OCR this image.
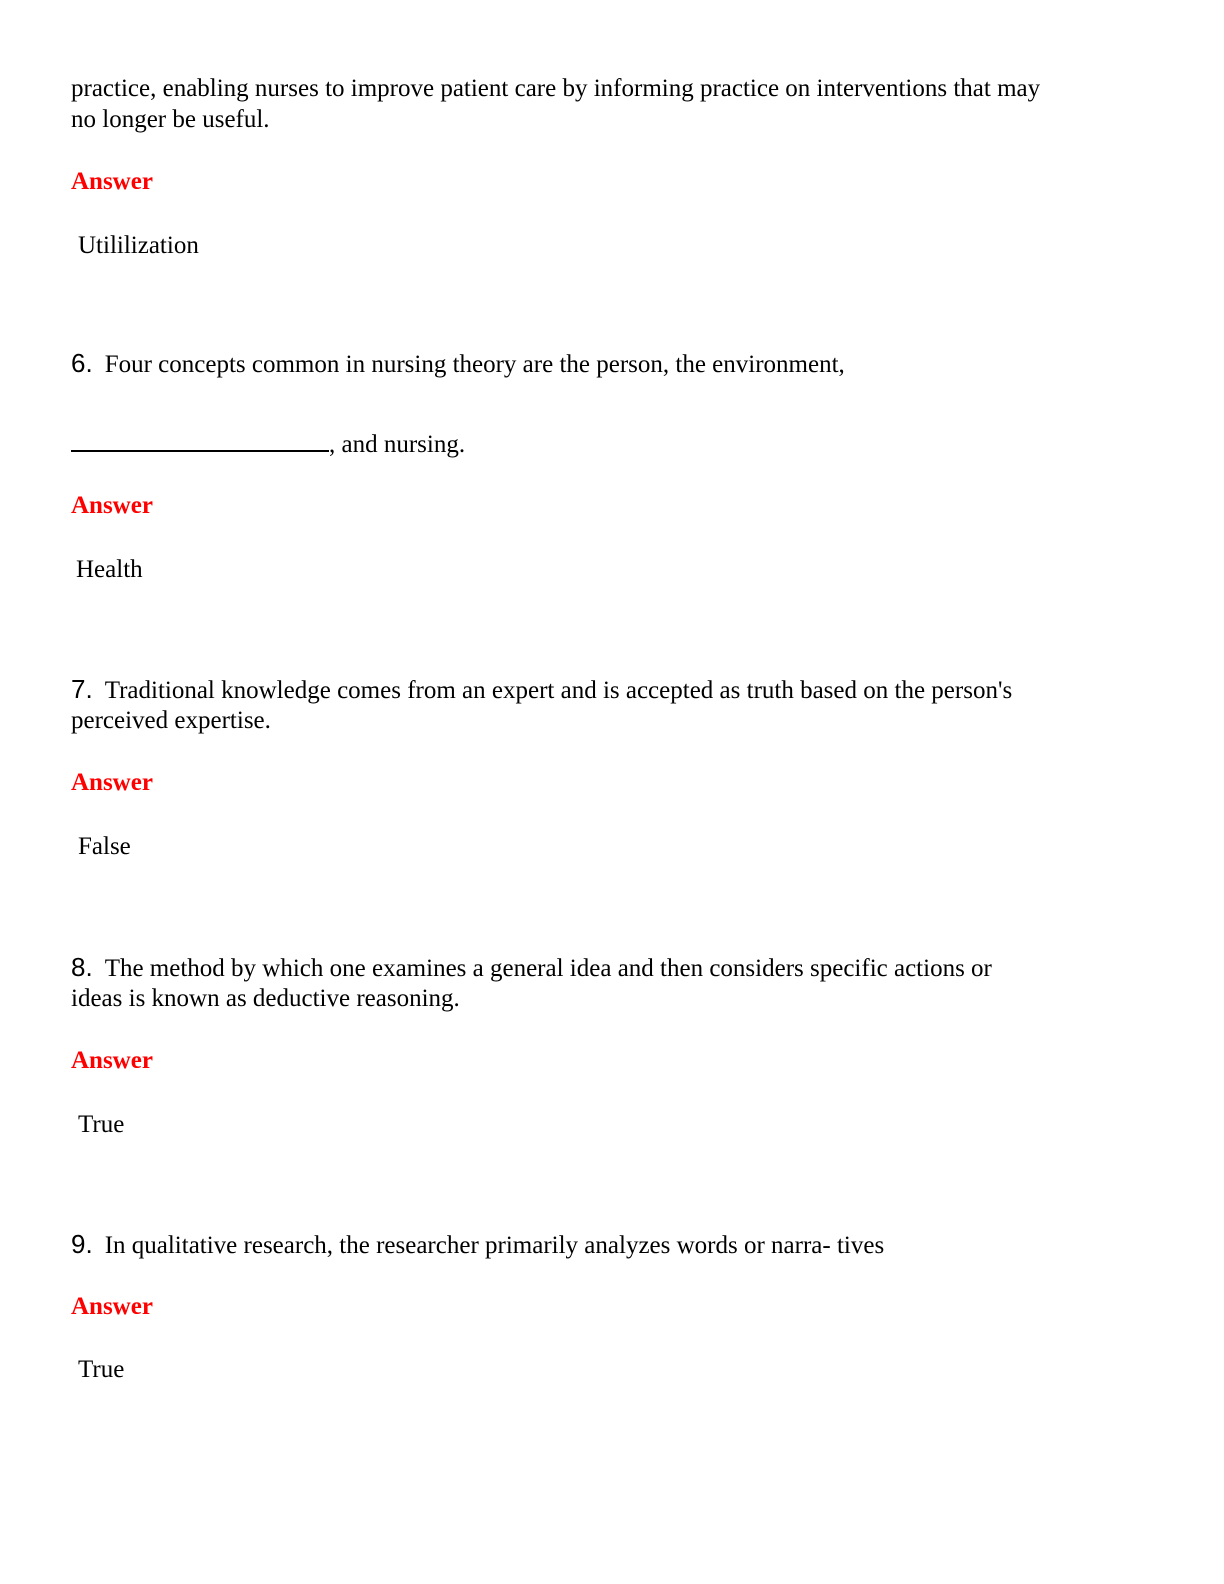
practice, enabling nurses to improve patient care by informing practice on interventions that may
no longer be useful.
Answer
Utililization
6. Four concepts common in nursing theory are the person, the environment,
, and nursing.
Answer
Health
7. Traditional knowledge comes from an expert and is accepted as truth based on the person's
perceived expertise.
Answer
False
8. The method by which one examines a general idea and then considers specific actions or
ideas is known as deductive reasoning.
Answer
True
9. In qualitative research, the researcher primarily analyzes words or narra- tives
Answer
True
